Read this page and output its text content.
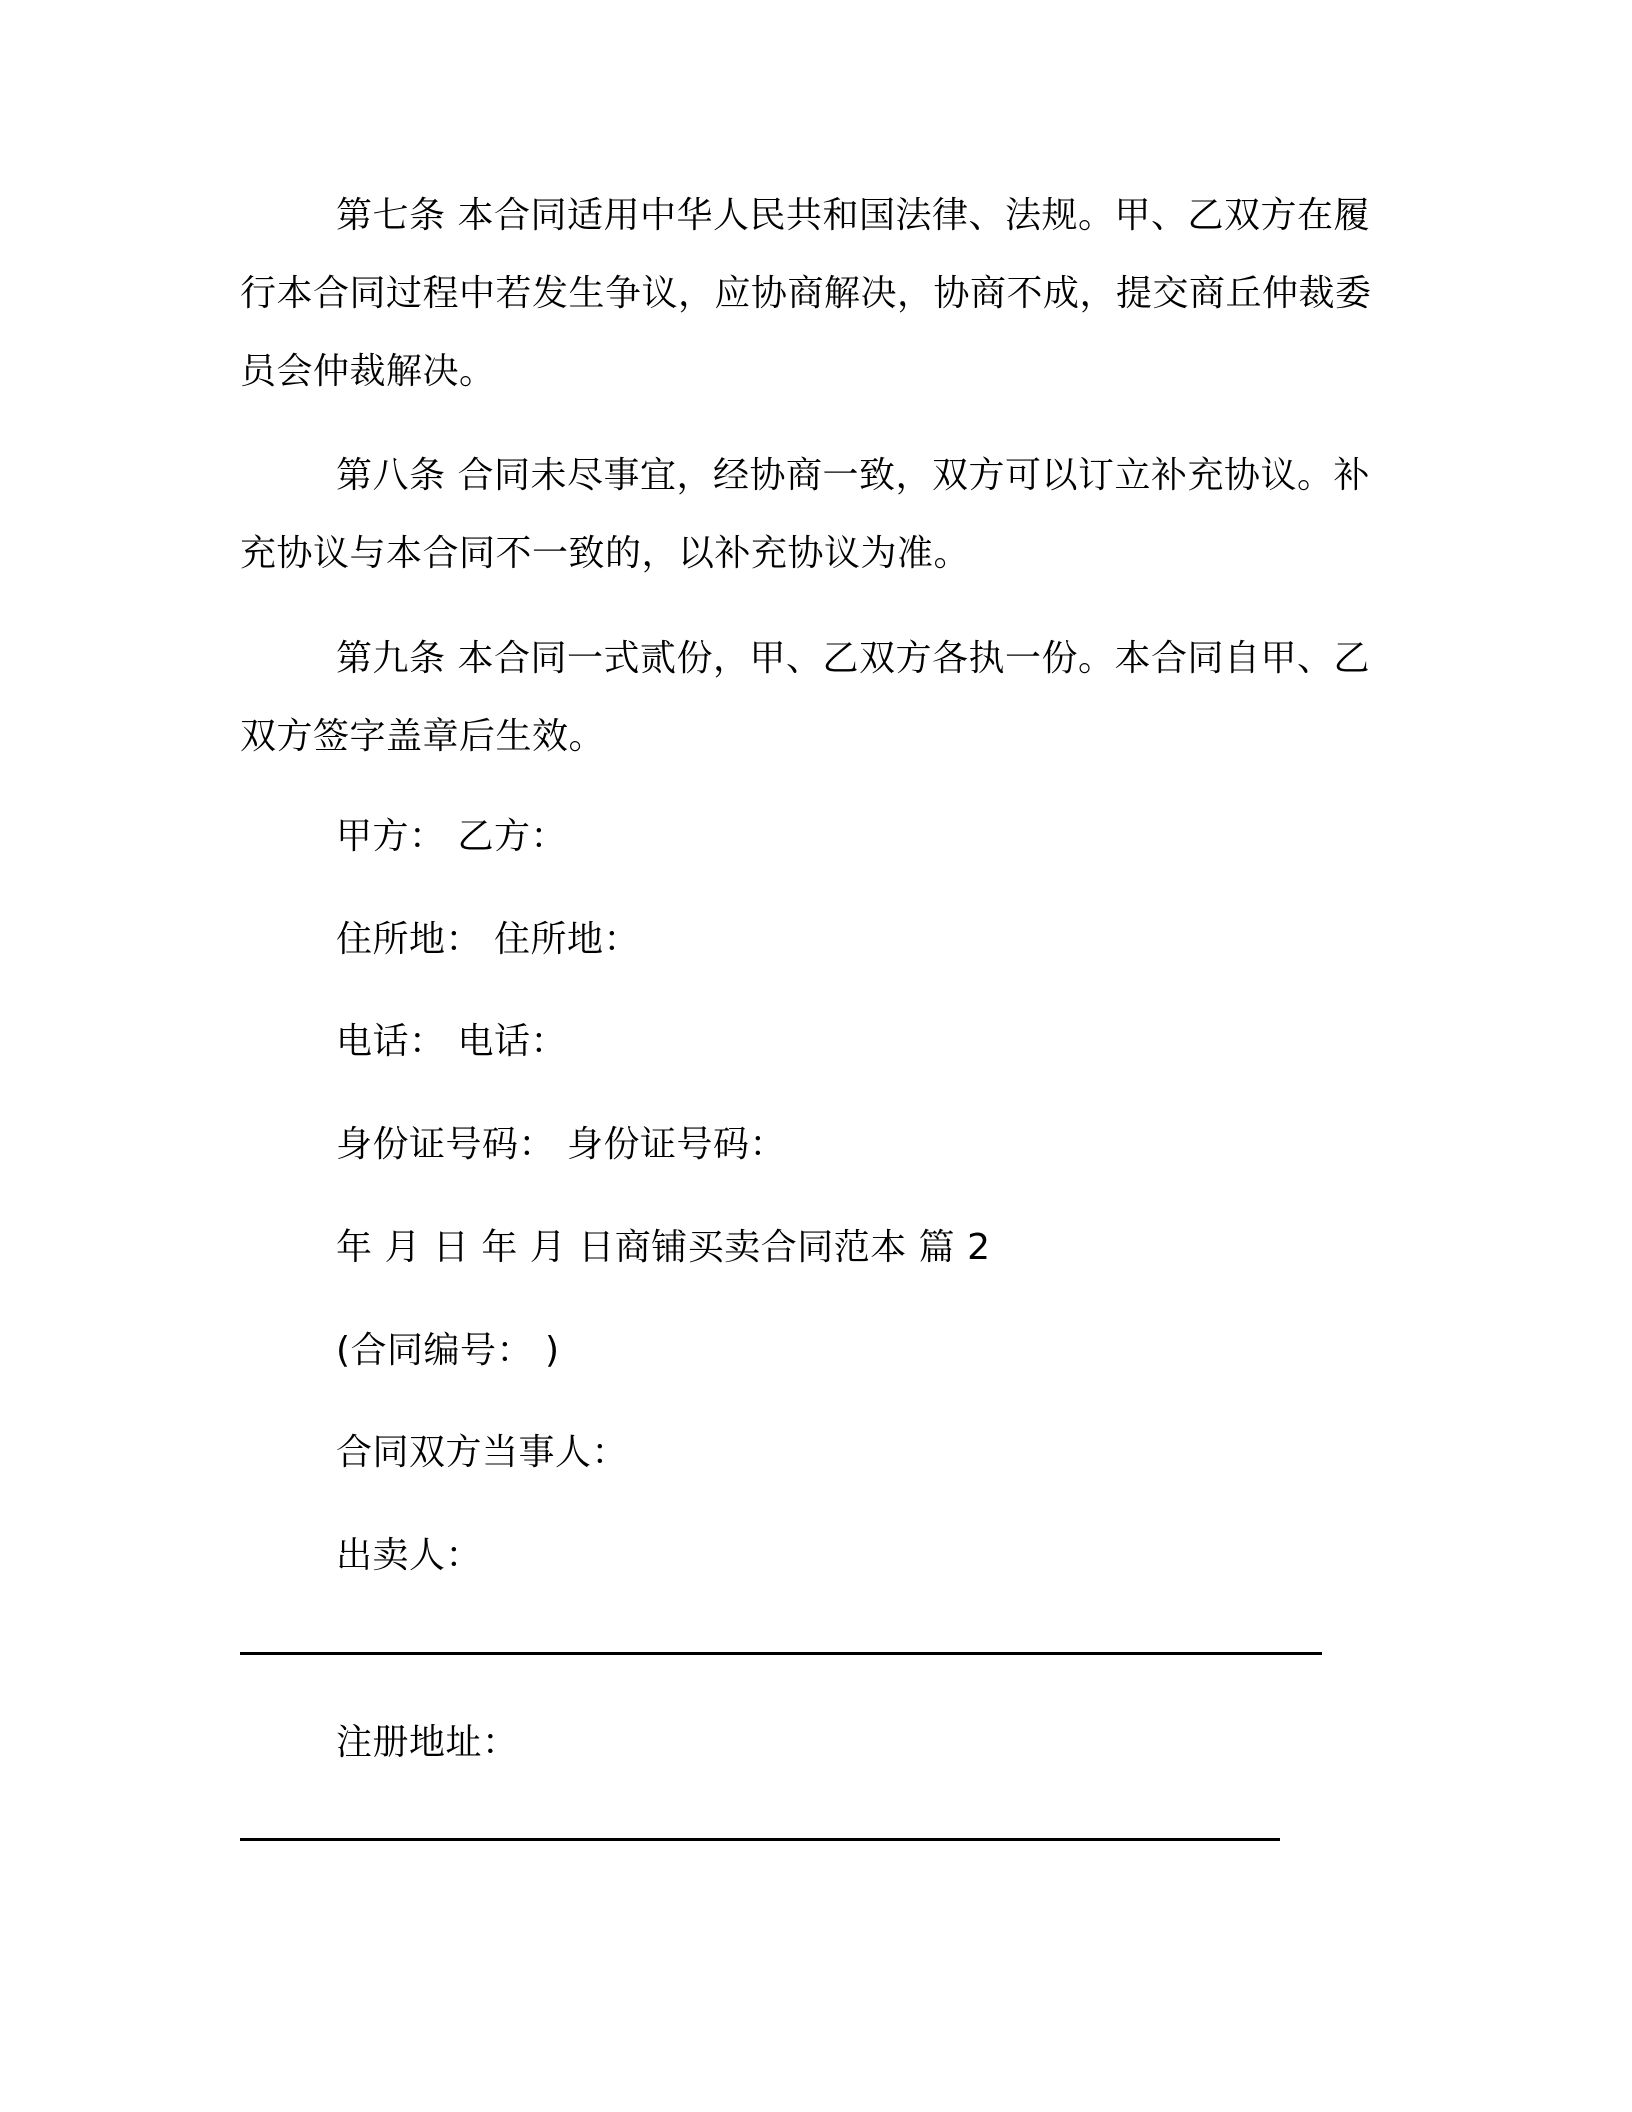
第七条 本合同适用中华人民共和国法律、法规。甲、乙双方在履行本合同过程中若发生争议，应协商解决，协商不成，提交商丘仲裁委员会仲裁解决。

第八条 合同未尽事宜，经协商一致，双方可以订立补充协议。补充协议与本合同不一致的，以补充协议为准。

第九条 本合同一式贰份，甲、乙双方各执一份。本合同自甲、乙双方签字盖章后生效。

甲方： 乙方：

住所地： 住所地：

电话： 电话：

身份证号码： 身份证号码：

年 月 日 年 月 日商铺买卖合同范本 篇 2

(合同编号： )

合同双方当事人：

出卖人：

注册地址：
